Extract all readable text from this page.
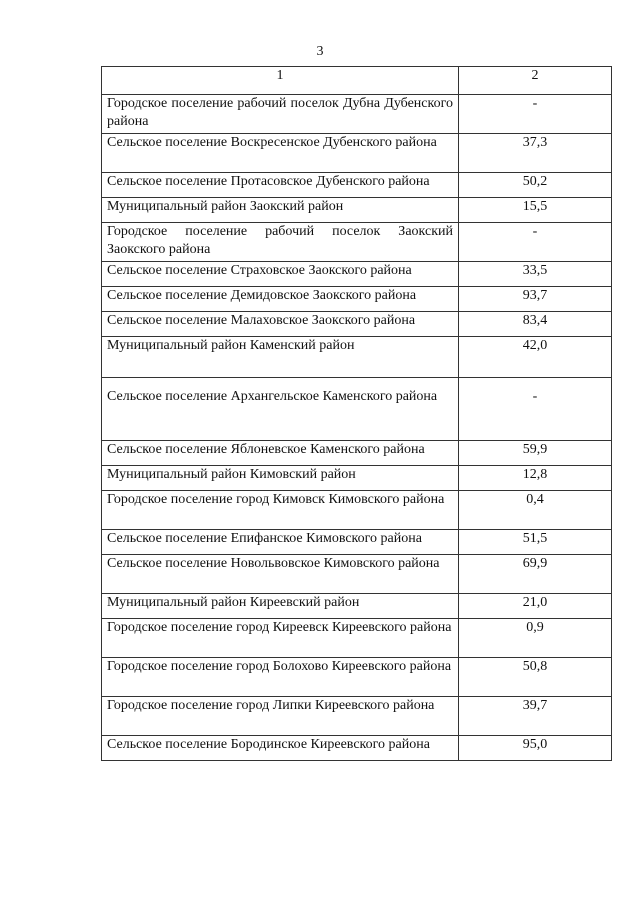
3
1	2
Городское поселение рабочий поселок Дубна Дубенского района	-
Сельское поселение Воскресенское Дубенского района	37,3
Сельское поселение Протасовское Дубенского района	50,2
Муниципальный район Заокский район	15,5
Городское поселение рабочий поселок Заокский Заокского района	-
Сельское поселение Страховское Заокского района	33,5
Сельское поселение Демидовское Заокского района	93,7
Сельское поселение Малаховское Заокского района	83,4
Муниципальный район Каменский район	42,0
Сельское поселение Архангельское Каменского района	-
Сельское поселение Яблоневское Каменского района	59,9
Муниципальный район Кимовский район	12,8
Городское поселение город Кимовск Кимовского района	0,4
Сельское поселение Епифанское Кимовского района	51,5
Сельское поселение Новольвовское Кимовского района	69,9
Муниципальный район Киреевский район	21,0
Городское поселение город Киреевск Киреевского района	0,9
Городское поселение город Болохово Киреевского района	50,8
Городское поселение город Липки Киреевского района	39,7
Сельское поселение Бородинское Киреевского района	95,0
